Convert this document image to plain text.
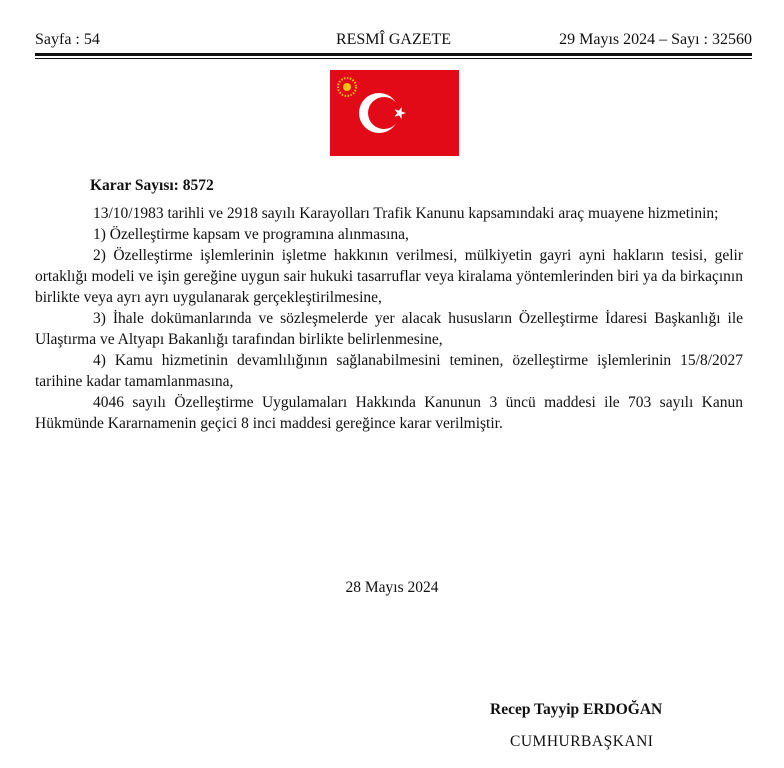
Sayfa : 54	RESMÎ GAZETE	29 Mayıs 2024 – Sayı : 32560

Karar Sayısı: 8572

13/10/1983 tarihli ve 2918 sayılı Karayolları Trafik Kanunu kapsamındaki araç muayene hizmetinin;

1) Özelleştirme kapsam ve programına alınmasına,

2) Özelleştirme işlemlerinin işletme hakkının verilmesi, mülkiyetin gayri ayni hakların tesisi, gelir ortaklığı modeli ve işin gereğine uygun sair hukuki tasarruflar veya kiralama yöntemlerinden biri ya da birkaçının birlikte veya ayrı ayrı uygulanarak gerçekleştirilmesine,

3) İhale dokümanlarında ve sözleşmelerde yer alacak hususların Özelleştirme İdaresi Başkanlığı ile Ulaştırma ve Altyapı Bakanlığı tarafından birlikte belirlenmesine,

4) Kamu hizmetinin devamlılığının sağlanabilmesini teminen, özelleştirme işlemlerinin 15/8/2027 tarihine kadar tamamlanmasına,

4046 sayılı Özelleştirme Uygulamaları Hakkında Kanunun 3 üncü maddesi ile 703 sayılı Kanun Hükmünde Kararnamenin geçici 8 inci maddesi gereğince karar verilmiştir.

28 Mayıs 2024
Recep Tayyip ERDOĞAN
CUMHURBAŞKANI
